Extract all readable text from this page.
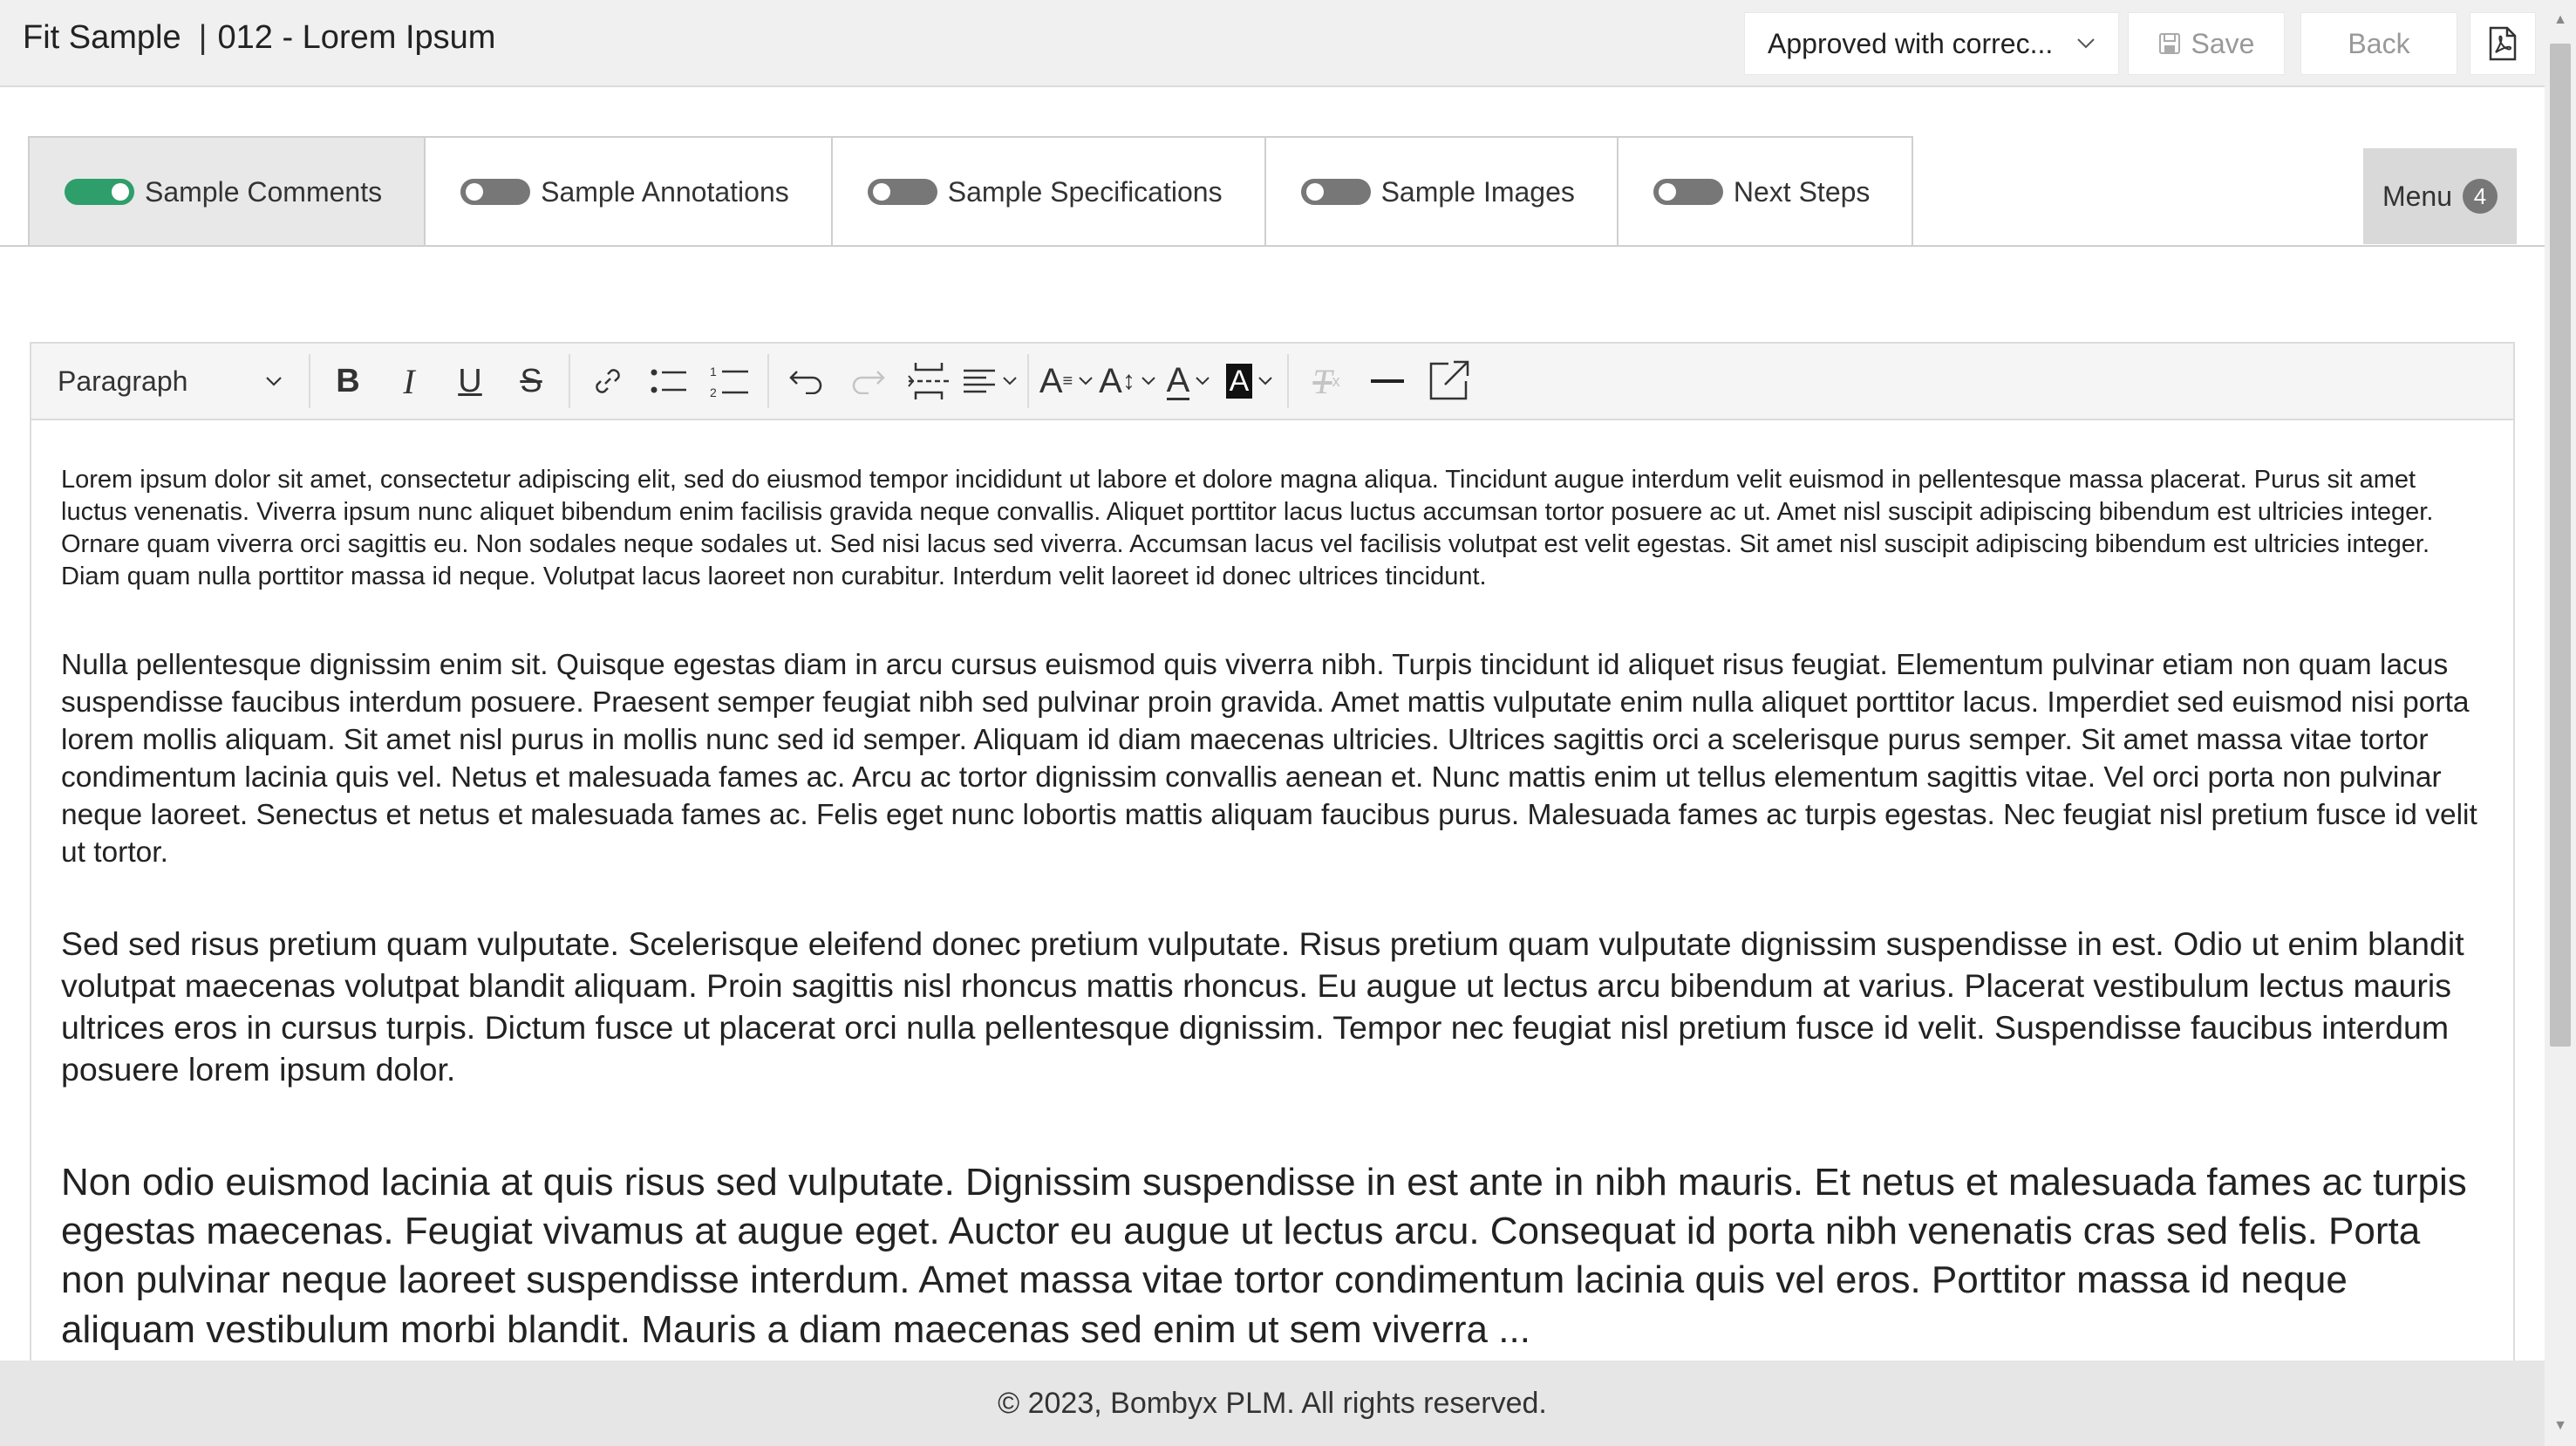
Fit Sample | 012 - Lorem Ipsum	Approved with correc...	Save	Back
Sample Comments	Sample Annotations	Sample Specifications	Sample Images	Next Steps	Menu 4
Paragraph	B	I	U	S	1
2	A ≡ A ↕ A A T x

Lorem ipsum dolor sit amet, consectetur adipiscing elit, sed do eiusmod tempor incididunt ut labore et dolore magna aliqua. Tincidunt augue interdum velit euismod in pellentesque massa placerat. Purus sit amet luctus venenatis. Viverra ipsum nunc aliquet bibendum enim facilisis gravida neque convallis. Aliquet porttitor lacus luctus accumsan tortor posuere ac ut. Amet nisl suscipit adipiscing bibendum est ultricies integer. Ornare quam viverra orci sagittis eu. Non sodales neque sodales ut. Sed nisi lacus sed viverra. Accumsan lacus vel facilisis volutpat est velit egestas. Sit amet nisl suscipit adipiscing bibendum est ultricies integer. Diam quam nulla porttitor massa id neque. Volutpat lacus laoreet non curabitur. Interdum velit laoreet id donec ultrices tincidunt.

Nulla pellentesque dignissim enim sit. Quisque egestas diam in arcu cursus euismod quis viverra nibh. Turpis tincidunt id aliquet risus feugiat. Elementum pulvinar etiam non quam lacus suspendisse faucibus interdum posuere. Praesent semper feugiat nibh sed pulvinar proin gravida. Amet mattis vulputate enim nulla aliquet porttitor lacus. Imperdiet sed euismod nisi porta lorem mollis aliquam. Sit amet nisl purus in mollis nunc sed id semper. Aliquam id diam maecenas ultricies. Ultrices sagittis orci a scelerisque purus semper. Sit amet massa vitae tortor condimentum lacinia quis vel. Netus et malesuada fames ac. Arcu ac tortor dignissim convallis aenean et. Nunc mattis enim ut tellus elementum sagittis vitae. Vel orci porta non pulvinar neque laoreet. Senectus et netus et malesuada fames ac. Felis eget nunc lobortis mattis aliquam faucibus purus. Malesuada fames ac turpis egestas. Nec feugiat nisl pretium fusce id velit ut tortor.

Sed sed risus pretium quam vulputate. Scelerisque eleifend donec pretium vulputate. Risus pretium quam vulputate dignissim suspendisse in est. Odio ut enim blandit volutpat maecenas volutpat blandit aliquam. Proin sagittis nisl rhoncus mattis rhoncus. Eu augue ut lectus arcu bibendum at varius. Placerat vestibulum lectus mauris ultrices eros in cursus turpis. Dictum fusce ut placerat orci nulla pellentesque dignissim. Tempor nec feugiat nisl pretium fusce id velit. Suspendisse faucibus interdum posuere lorem ipsum dolor.

Non odio euismod lacinia at quis risus sed vulputate. Dignissim suspendisse in est ante in nibh mauris. Et netus et malesuada fames ac turpis egestas maecenas. Feugiat vivamus at augue eget. Auctor eu augue ut lectus arcu. Consequat id porta nibh venenatis cras sed felis. Porta non pulvinar neque laoreet suspendisse interdum. Amet massa vitae tortor condimentum lacinia quis vel eros. Porttitor massa id neque aliquam vestibulum morbi blandit. Mauris a diam maecenas sed enim ut sem viverra ...

© 2023, Bombyx PLM. All rights reserved.
▲
▼
